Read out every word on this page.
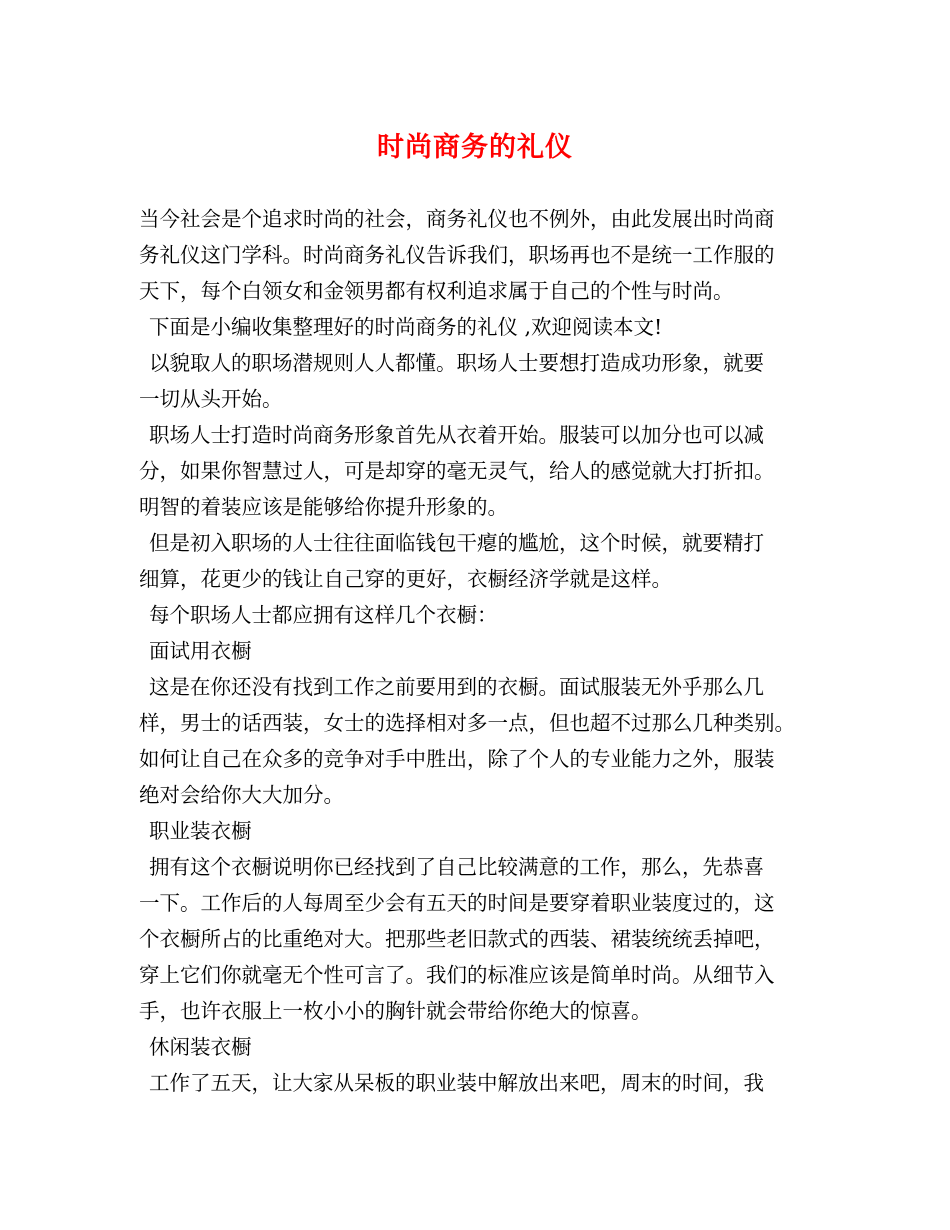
时尚商务的礼仪
当今社会是个追求时尚的社会，商务礼仪也不例外，由此发展出时尚商
务礼仪这门学科。时尚商务礼仪告诉我们，职场再也不是统一工作服的
天下，每个白领女和金领男都有权利追求属于自己的个性与时尚。
下面是小编收集整理好的时尚商务的礼仪 ,欢迎阅读本文!
以貌取人的职场潜规则人人都懂。职场人士要想打造成功形象，就要
一切从头开始。
职场人士打造时尚商务形象首先从衣着开始。服装可以加分也可以减
分，如果你智慧过人，可是却穿的毫无灵气，给人的感觉就大打折扣。
明智的着装应该是能够给你提升形象的。
但是初入职场的人士往往面临钱包干瘪的尴尬，这个时候，就要精打
细算，花更少的钱让自己穿的更好，衣橱经济学就是这样。
每个职场人士都应拥有这样几个衣橱：
面试用衣橱
这是在你还没有找到工作之前要用到的衣橱。面试服装无外乎那么几
样，男士的话西装，女士的选择相对多一点，但也超不过那么几种类别。
如何让自己在众多的竞争对手中胜出，除了个人的专业能力之外，服装
绝对会给你大大加分。
职业装衣橱
拥有这个衣橱说明你已经找到了自己比较满意的工作，那么，先恭喜
一下。工作后的人每周至少会有五天的时间是要穿着职业装度过的，这
个衣橱所占的比重绝对大。把那些老旧款式的西装、裙装统统丢掉吧，
穿上它们你就毫无个性可言了。我们的标准应该是简单时尚。从细节入
手，也许衣服上一枚小小的胸针就会带给你绝大的惊喜。
休闲装衣橱
工作了五天，让大家从呆板的职业装中解放出来吧，周末的时间，我
